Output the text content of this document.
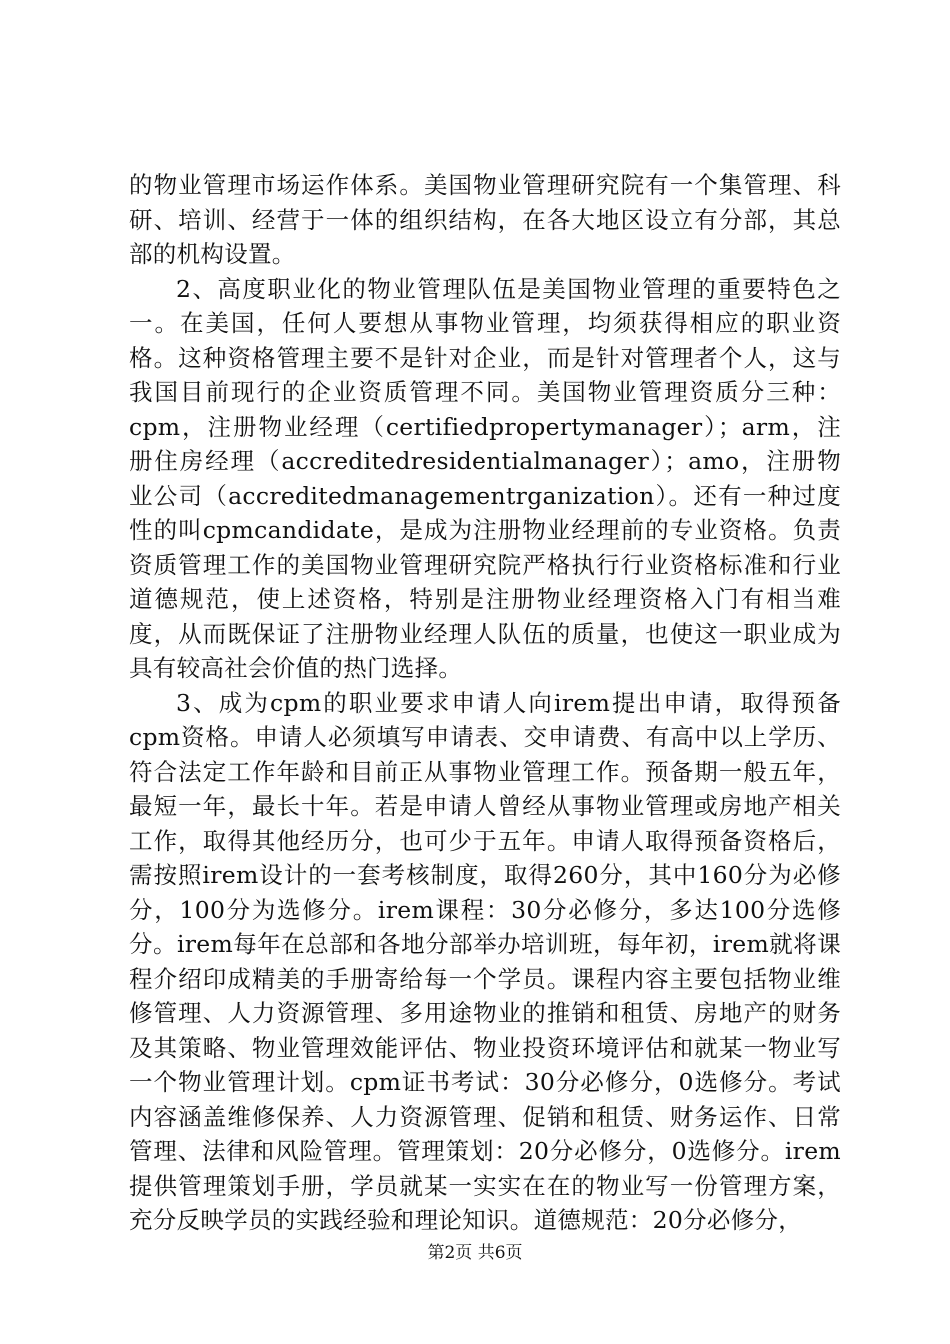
的物业管理市场运作体系。美国物业管理研究院有一个集管理、科研、培训、经营于一体的组织结构，在各大地区设立有分部，其总部的机构设置。

2、高度职业化的物业管理队伍是美国物业管理的重要特色之一。在美国，任何人要想从事物业管理，均须获得相应的职业资格。这种资格管理主要不是针对企业，而是针对管理者个人，这与我国目前现行的企业资质管理不同。美国物业管理资质分三种：cpm，注册物业经理（certifiedpropertymanager）；arm，注册住房经理（accreditedresidentialmanager）；amo，注册物业公司（accreditedmanagementrganization）。还有一种过度性的叫cpmcandidate，是成为注册物业经理前的专业资格。负责资质管理工作的美国物业管理研究院严格执行行业资格标准和行业道德规范，使上述资格，特别是注册物业经理资格入门有相当难度，从而既保证了注册物业经理人队伍的质量，也使这一职业成为具有较高社会价值的热门选择。

3、成为cpm的职业要求申请人向irem提出申请，取得预备cpm资格。申请人必须填写申请表、交申请费、有高中以上学历、符合法定工作年龄和目前正从事物业管理工作。预备期一般五年，最短一年，最长十年。若是申请人曾经从事物业管理或房地产相关工作，取得其他经历分，也可少于五年。申请人取得预备资格后，需按照irem设计的一套考核制度，取得260分，其中160分为必修分，100分为选修分。irem课程：30分必修分，多达100分选修分。irem每年在总部和各地分部举办培训班，每年初，irem就将课程介绍印成精美的手册寄给每一个学员。课程内容主要包括物业维修管理、人力资源管理、多用途物业的推销和租赁、房地产的财务及其策略、物业管理效能评估、物业投资环境评估和就某一物业写一个物业管理计划。cpm证书考试：30分必修分，0选修分。考试内容涵盖维修保养、人力资源管理、促销和租赁、财务运作、日常管理、法律和风险管理。管理策划：20分必修分，0选修分。irem提供管理策划手册，学员就某一实实在在的物业写一份管理方案，充分反映学员的实践经验和理论知识。道德规范：20分必修分，

第2页 共6页
